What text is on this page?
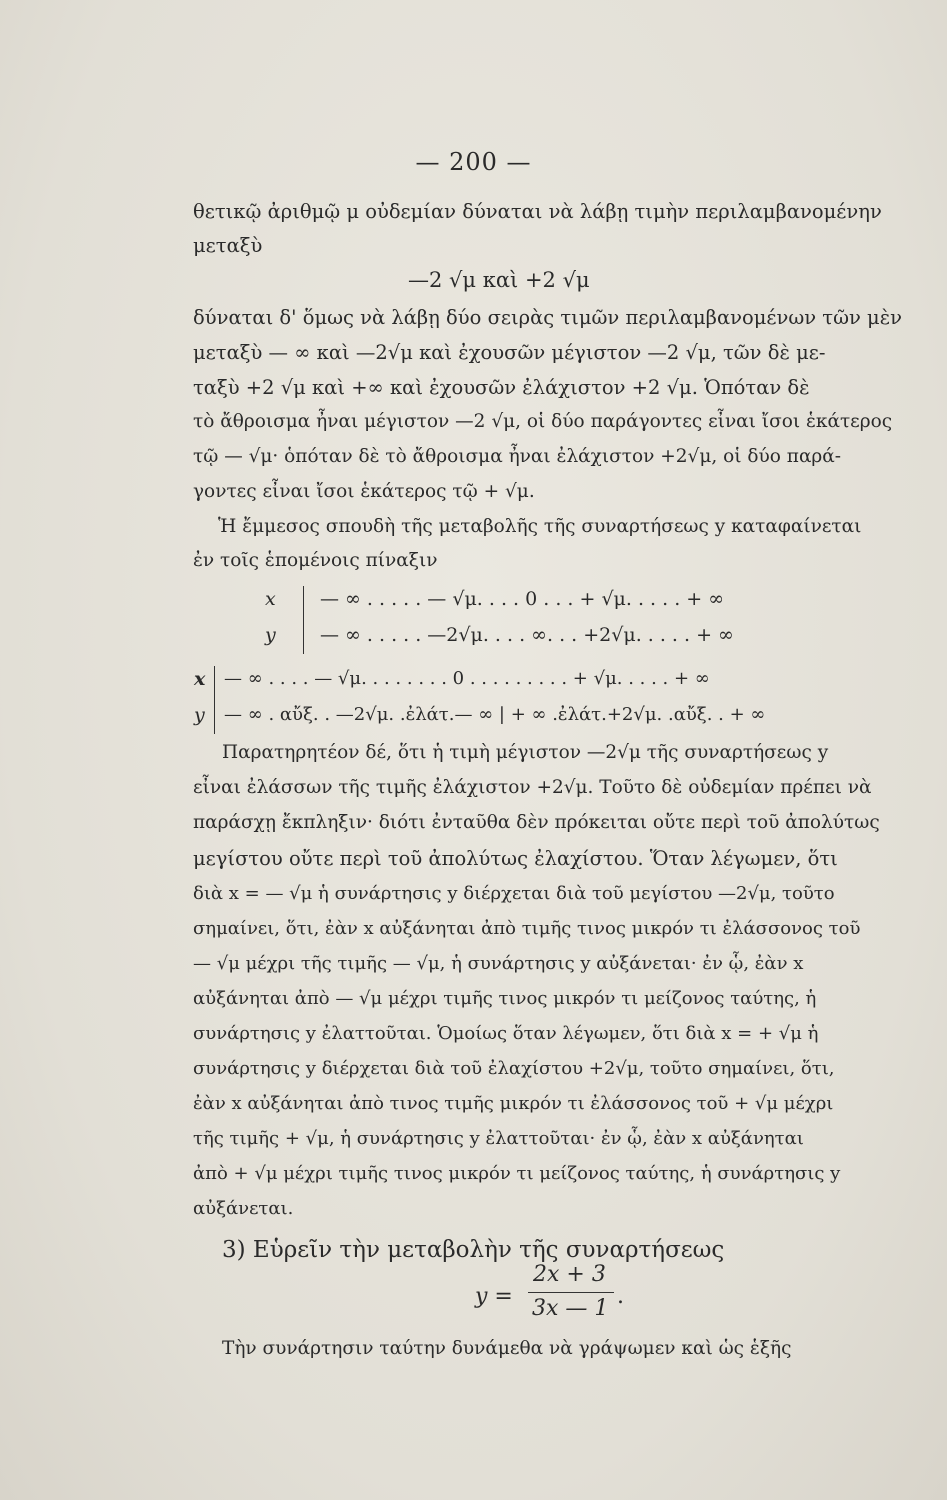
— 200 —
θετικῷ ἀριθμῷ μ οὐδεμίαν δύναται νὰ λάβῃ τιμὴν περιλαμβανομένην
μεταξὺ
—2 √μ καὶ +2 √μ
δύναται δ' ὅμως νὰ λάβῃ δύο σειρὰς τιμῶν περιλαμβανομένων τῶν μὲν
μεταξὺ — ∞ καὶ —2√μ καὶ ἐχουσῶν μέγιστον —2 √μ, τῶν δὲ με-
ταξὺ +2 √μ καὶ +∞ καὶ ἐχουσῶν ἐλάχιστον +2 √μ. Ὁπόταν δὲ
τὸ ἄθροισμα ἦναι μέγιστον —2 √μ, οἱ δύο παράγοντες εἶναι ἴσοι ἑκάτερος
τῷ — √μ· ὁπόταν δὲ τὸ ἄθροισμα ἦναι ἐλάχιστον +2√μ, οἱ δύο παρά-
γοντες εἶναι ἴσοι ἑκάτερος τῷ + √μ.
Ἡ ἔμμεσος σπουδὴ τῆς μεταβολῆς τῆς συναρτήσεως y καταφαίνεται
ἐν τοῖς ἑπομένοις πίναξιν
x
y
— ∞ . . . . . — √μ. . . . 0 . . . + √μ. . . . . + ∞
— ∞ . . . . . —2√μ. . . . ∞. . . +2√μ. . . . . + ∞
x
y
— ∞ . . . . — √μ. . . . . . . . 0 . . . . . . . . . + √μ. . . . . + ∞
— ∞ . αὔξ. . —2√μ. .ἐλάτ.— ∞ | + ∞ .ἐλάτ.+2√μ. .αὔξ. . + ∞
Παρατηρητέον δέ, ὅτι ἡ τιμὴ μέγιστον —2√μ τῆς συναρτήσεως y
εἶναι ἐλάσσων τῆς τιμῆς ἐλάχιστον +2√μ. Τοῦτο δὲ οὐδεμίαν πρέπει νὰ
παράσχῃ ἔκπληξιν· διότι ἐνταῦθα δὲν πρόκειται οὔτε περὶ τοῦ ἀπολύτως
μεγίστου οὔτε περὶ τοῦ ἀπολύτως ἐλαχίστου. Ὅταν λέγωμεν, ὅτι
διὰ x = — √μ ἡ συνάρτησις y διέρχεται διὰ τοῦ μεγίστου —2√μ, τοῦτο
σημαίνει, ὅτι, ἐὰν x αὐξάνηται ἀπὸ τιμῆς τινος μικρόν τι ἐλάσσονος τοῦ
— √μ μέχρι τῆς τιμῆς — √μ, ἡ συνάρτησις y αὐξάνεται· ἐν ᾧ, ἐὰν x
αὐξάνηται ἀπὸ — √μ μέχρι τιμῆς τινος μικρόν τι μείζονος ταύτης, ἡ
συνάρτησις y ἐλαττοῦται. Ὁμοίως ὅταν λέγωμεν, ὅτι διὰ x = + √μ ἡ
συνάρτησις y διέρχεται διὰ τοῦ ἐλαχίστου +2√μ, τοῦτο σημαίνει, ὅτι,
ἐὰν x αὐξάνηται ἀπὸ τινος τιμῆς μικρόν τι ἐλάσσονος τοῦ + √μ μέχρι
τῆς τιμῆς + √μ, ἡ συνάρτησις y ἐλαττοῦται· ἐν ᾧ, ἐὰν x αὐξάνηται
ἀπὸ + √μ μέχρι τιμῆς τινος μικρόν τι μείζονος ταύτης, ἡ συνάρτησις y
αὐξάνεται.
3) Εὑρεῖν τὴν μεταβολὴν τῆς συναρτήσεως
y =
2x + 3
3x — 1 .
Τὴν συνάρτησιν ταύτην δυνάμεθα νὰ γράψωμεν καὶ ὡς ἑξῆς
